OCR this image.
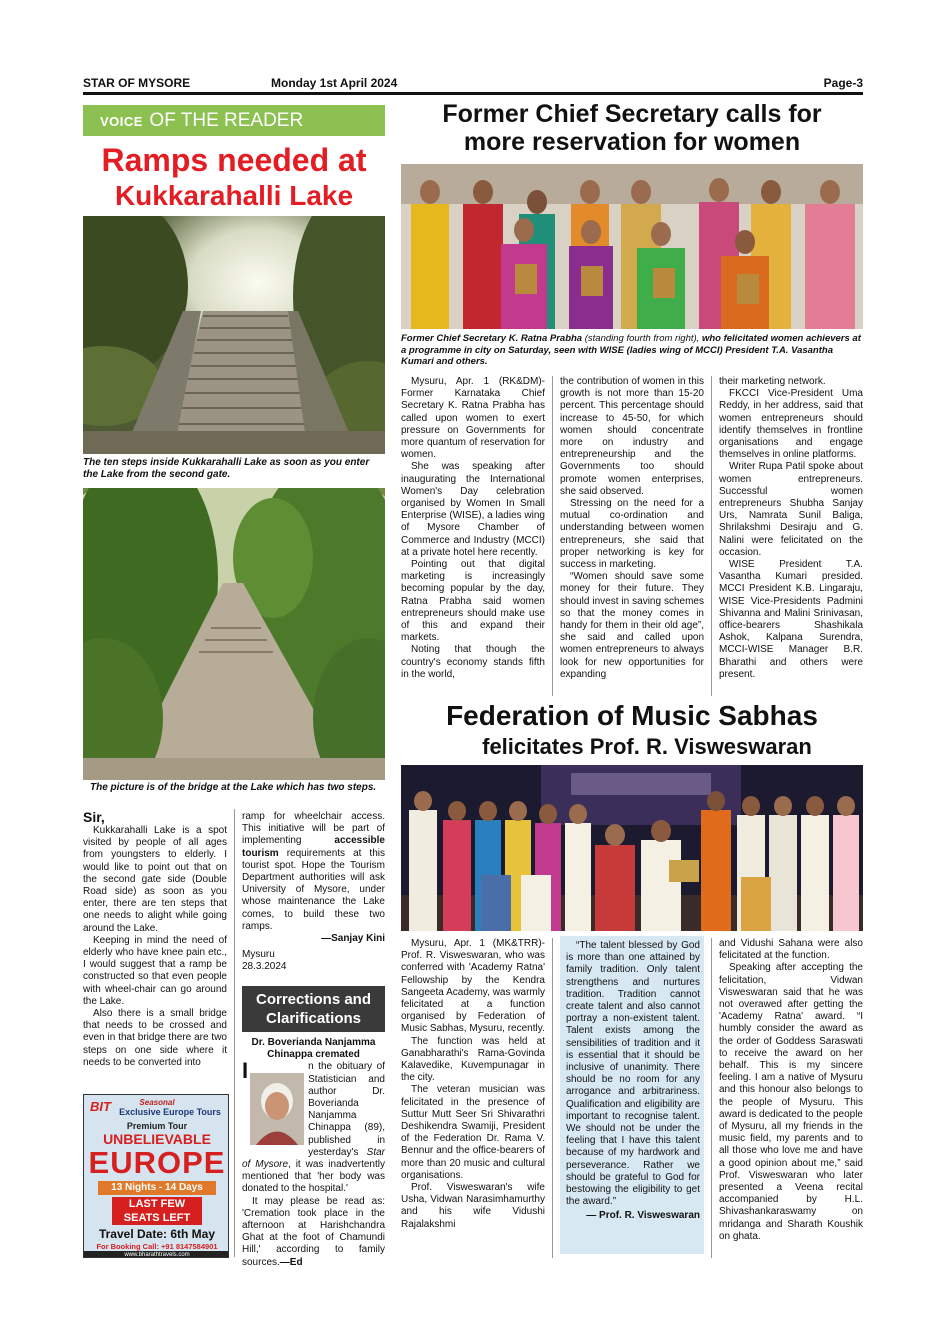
STAR OF MYSORE	Monday 1st April 2024	Page-3
VOICE OF THE READER
Ramps needed at
Kukkarahalli Lake
The ten steps inside Kukkarahalli Lake as soon as you enter the Lake from the second gate.
The picture is of the bridge at the Lake which has two steps.

Sir,

Kukkarahalli Lake is a spot visited by people of all ages from youngsters to elderly. I would like to point out that on the second gate side (Double Road side) as soon as you enter, there are ten steps that one needs to alight while going around the Lake.

Keeping in mind the need of elderly who have knee pain etc., I would suggest that a ramp be constructed so that even people with wheel-chair can go around the Lake.

Also there is a small bridge that needs to be crossed and even in that bridge there are two steps on one side where it needs to be converted into

ramp for wheelchair access. This initiative will be part of implementing accessible tourism requirements at this tourist spot. Hope the Tourism Department authorities will ask University of Mysore, under whose maintenance the Lake comes, to build these two ramps.

—Sanjay Kini

Mysuru

28.3.2024

Corrections and
Clarifications

Dr. Boverianda Nanjamma

Chinappa cremated

I	n the obituary of Statistician and author Dr. Boverianda Nanjamma Chinappa (89), published in yesterday's Star of Mysore, it was inadvertently mentioned that 'her body was donated to the hospital.'

It may please be read as: 'Cremation took place in the afternoon at Harishchandra Ghat at the foot of Chamundi Hill,' according to family sources.—Ed

BIT	Seasonal
Exclusive Europe Tours
Premium Tour
UNBELIEVABLE
EUROPE
13 Nights - 14 Days
LAST FEW
SEATS LEFT
Travel Date: 6th May
For Booking Call: +91 8147584901
www.bharathtravels.com
Former Chief Secretary calls for
more reservation for women
Former Chief Secretary K. Ratna Prabha (standing fourth from right), who felicitated women achievers at a programme in city on Saturday, seen with WISE (ladies wing of MCCI) President T.A. Vasantha Kumari and others.

Mysuru, Apr. 1 (RK&DM)- Former Karnataka Chief Secretary K. Ratna Prabha has called upon women to exert pressure on Governments for more quantum of reservation for women.

She was speaking after inaugurating the International Women's Day celebration organised by Women In Small Enterprise (WISE), a ladies wing of Mysore Chamber of Commerce and Industry (MCCI) at a private hotel here recently.

Pointing out that digital marketing is increasingly becoming popular by the day, Ratna Prabha said women entrepreneurs should make use of this and expand their markets.

Noting that though the country's economy stands fifth in the world,

the contribution of women in this growth is not more than 15-20 percent. This percentage should increase to 45-50, for which women should concentrate more on industry and entrepreneurship and the Governments too should promote women enterprises, she said observed.

Stressing on the need for a mutual co-ordination and understanding between women entrepreneurs, she said that proper networking is key for success in marketing.

“Women should save some money for their future. They should invest in saving schemes so that the money comes in handy for them in their old age”, she said and called upon women entrepreneurs to always look for new opportunities for expanding

their marketing network.

FKCCI Vice-President Uma Reddy, in her address, said that women entrepreneurs should identify themselves in frontline organisations and engage themselves in online platforms.

Writer Rupa Patil spoke about women entrepreneurs. Successful women entrepreneurs Shubha Sanjay Urs, Namrata Sunil Baliga, Shrilakshmi Desiraju and G. Nalini were felicitated on the occasion.

WISE President T.A. Vasantha Kumari presided. MCCI President K.B. Lingaraju, WISE Vice-Presidents Padmini Shivanna and Malini Srinivasan, office-bearers Shashikala Ashok, Kalpana Surendra, MCCI-WISE Manager B.R. Bharathi and others were present.

Federation of Music Sabhas
felicitates Prof. R. Visweswaran

Mysuru, Apr. 1 (MK&TRR)- Prof. R. Visweswaran, who was conferred with 'Academy Ratna' Fellowship by the Kendra Sangeeta Academy, was warmly felicitated at a function organised by Federation of Music Sabhas, Mysuru, recently.

The function was held at Ganabharathi's Rama-Govinda Kalavedike, Kuvempunagar in the city.

The veteran musician was felicitated in the presence of Suttur Mutt Seer Sri Shivarathri Deshikendra Swamiji, President of the Federation Dr. Rama V. Bennur and the office-bearers of more than 20 music and cultural organisations.

Prof. Visweswaran's wife Usha, Vidwan Narasimhamurthy and his wife Vidushi Rajalakshmi

“The talent blessed by God is more than one attained by family tradition. Only talent strengthens and nurtures tradition. Tradition cannot create talent and also cannot portray a non-existent talent. Talent exists among the sensibilities of tradition and it is essential that it should be inclusive of unanimity. There should be no room for any arrogance and arbitrariness. Qualification and eligibility are important to recognise talent. We should not be under the feeling that I have this talent because of my hardwork and perseverance. Rather we should be grateful to God for bestowing the eligibility to get the award.”

— Prof. R. Visweswaran

and Vidushi Sahana were also felicitated at the function.

Speaking after accepting the felicitation, Vidwan Visweswaran said that he was not overawed after getting the 'Academy Ratna' award. “I humbly consider the award as the order of Goddess Saraswati to receive the award on her behalf. This is my sincere feeling. I am a native of Mysuru and this honour also belongs to the people of Mysuru. This award is dedicated to the people of Mysuru, all my friends in the music field, my parents and to all those who love me and have a good opinion about me,” said Prof. Visweswaran who later presented a Veena recital accompanied by H.L. Shivashankaraswamy on mridanga and Sharath Koushik on ghata.
